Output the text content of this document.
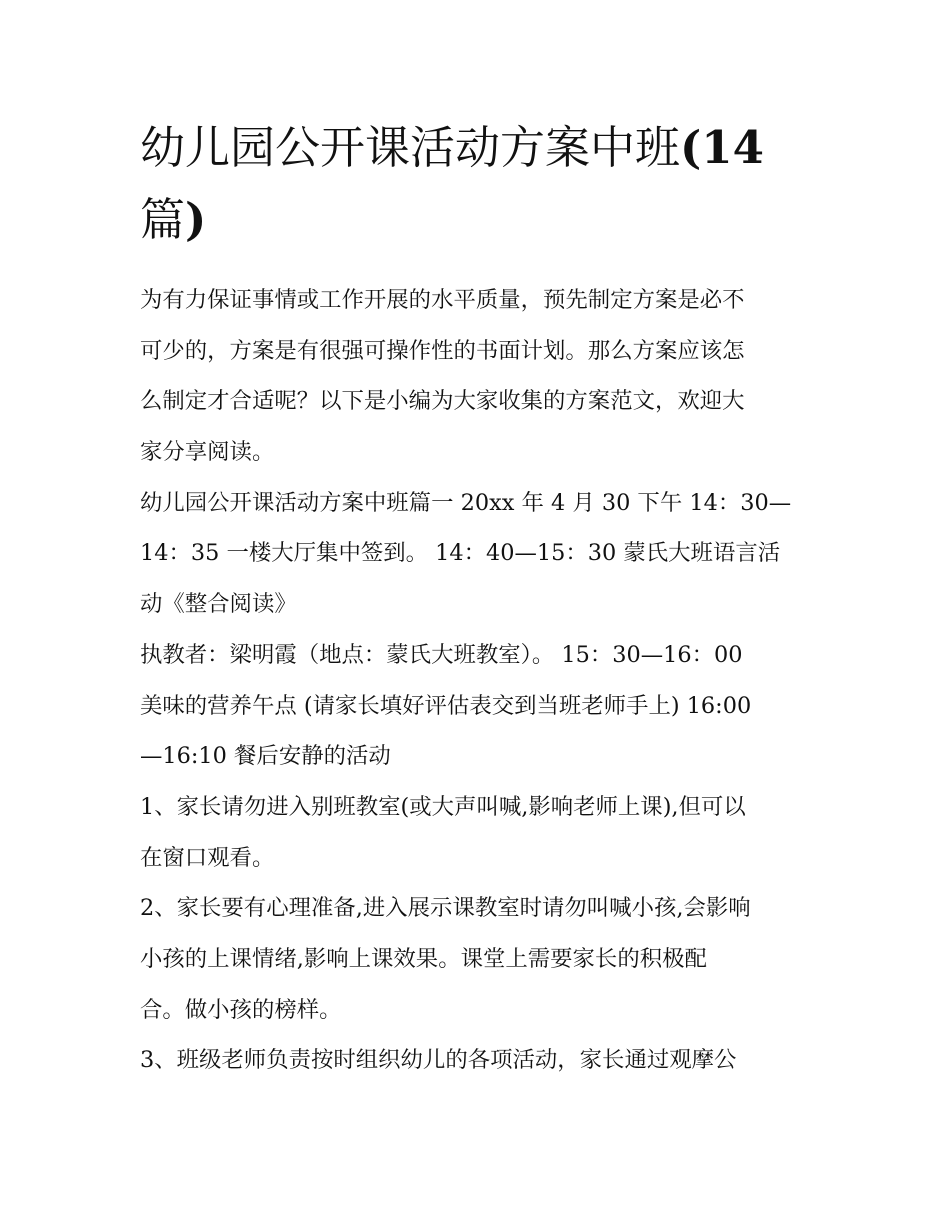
幼儿园公开课活动方案中班(14
篇)
为有力保证事情或工作开展的水平质量，预先制定方案是必不
可少的，方案是有很强可操作性的书面计划。那么方案应该怎
么制定才合适呢？以下是小编为大家收集的方案范文，欢迎大
家分享阅读。
幼儿园公开课活动方案中班篇一 20xx 年 4 月 30 下午 14：30—
14：35 一楼大厅集中签到。 14：40—15：30 蒙氏大班语言活
动《整合阅读》
执教者：梁明霞（地点：蒙氏大班教室）。 15：30—16：00
美味的营养午点 (请家长填好评估表交到当班老师手上) 16:00
—16:10 餐后安静的活动
1、家长请勿进入别班教室(或大声叫喊,影响老师上课),但可以
在窗口观看。
2、家长要有心理准备,进入展示课教室时请勿叫喊小孩,会影响
小孩的上课情绪,影响上课效果。课堂上需要家长的积极配
合。做小孩的榜样。
3、班级老师负责按时组织幼儿的各项活动，家长通过观摩公
